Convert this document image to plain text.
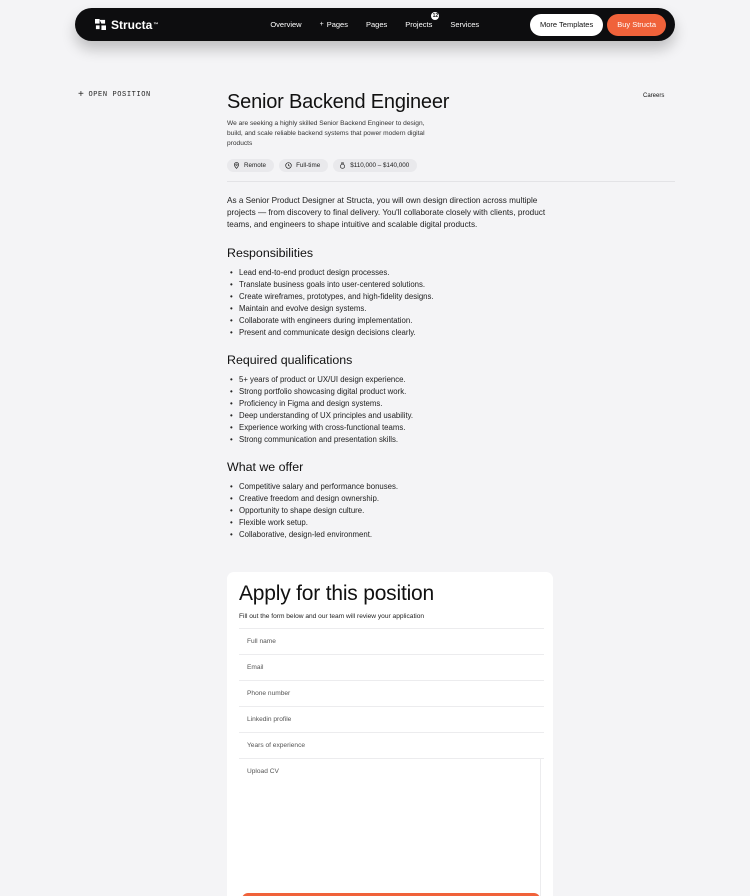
Structa ™	Overview	+ Pages Pages Projects
12
Services	More Templates	Buy Structa
+ OPEN POSITION	Careers
Senior Backend Engineer

We are seeking a highly skilled Senior Backend Engineer to design, build, and scale reliable backend systems that power modern digital products

Remote	Full-time	$110,000 – $140,000

As a Senior Product Designer at Structa, you will own design direction across multiple projects — from discovery to final delivery. You'll collaborate closely with clients, product teams, and engineers to shape intuitive and scalable digital products.

Responsibilities
• Lead end-to-end product design processes.
• Translate business goals into user-centered solutions.
• Create wireframes, prototypes, and high-fidelity designs.
• Maintain and evolve design systems.
• Collaborate with engineers during implementation.
• Present and communicate design decisions clearly.
Required qualifications
• 5+ years of product or UX/UI design experience.
• Strong portfolio showcasing digital product work.
• Proficiency in Figma and design systems.
• Deep understanding of UX principles and usability.
• Experience working with cross-functional teams.
• Strong communication and presentation skills.
What we offer
• Competitive salary and performance bonuses.
• Creative freedom and design ownership.
• Opportunity to shape design culture.
• Flexible work setup.
• Collaborative, design-led environment.
Apply for this position
Fill out the form below and our team will review your application
Full name
Email
Phone number
Linkedin profile
Years of experience
Upload CV
